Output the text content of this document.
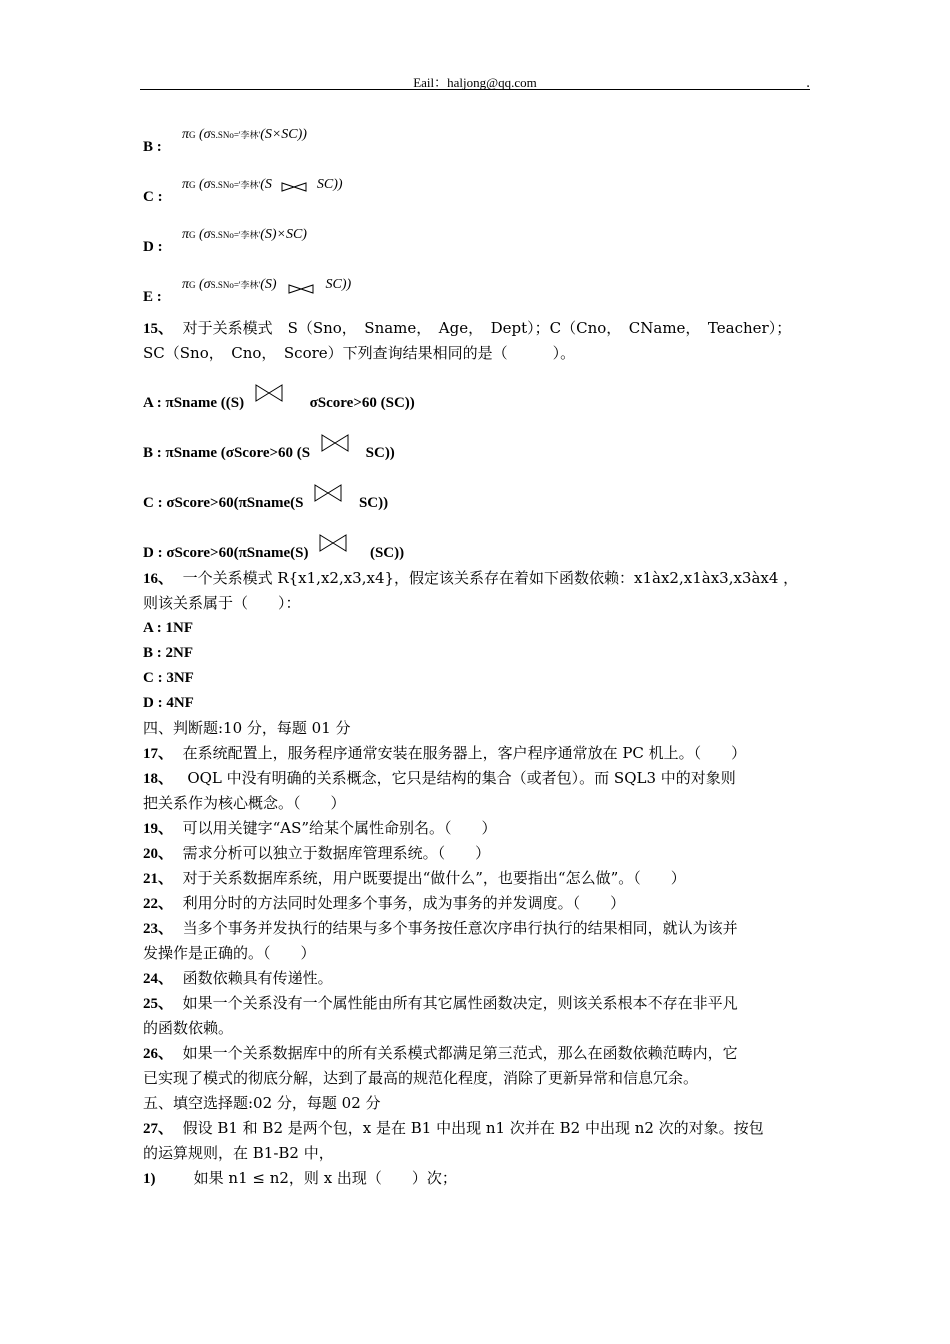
Eail：haljong@qq.com	.
B :
πG (σS.SNo='李林'(S×SC))
C :
πG (σS.SNo='李林'(S	SC))
D :
πG (σS.SNo='李林'(S)×SC)
E :
πG (σS.SNo='李林'(S)	SC))
15、 对于关系模式　S（Sno，　Sname，　Age，　Dept）；C（Cno，　CName，　Teacher）；
SC（Sno，　Cno，　Score）下列查询结果相同的是（　　　）。
A : πSname ((S)	σScore>60 (SC))
B : πSname (σScore>60 (S	SC))
C : σScore>60(πSname(S	SC))
D : σScore>60(πSname(S)	(SC))
16、 一个关系模式 R{x1,x2,x3,x4}，假定该关系存在着如下函数依赖：x1àx2,x1àx3,x3àx4 ，
则该关系属于（　　）：
A : 1NF
B : 2NF
C : 3NF
D : 4NF
四、判断题:10 分，每题 01 分
17、 在系统配置上，服务程序通常安装在服务器上，客户程序通常放在 PC 机上。（　　）
18、   OQL 中没有明确的关系概念，它只是结构的集合（或者包）。而 SQL3 中的对象则
把关系作为核心概念。（　　）
19、 可以用关键字“AS”给某个属性命别名。（　　）
20、 需求分析可以独立于数据库管理系统。（　　）
21、 对于关系数据库系统，用户既要提出“做什么”，也要指出“怎么做”。（　　）
22、 利用分时的方法同时处理多个事务，成为事务的并发调度。（　　）
23、 当多个事务并发执行的结果与多个事务按任意次序串行执行的结果相同，就认为该并
发操作是正确的。（　　）
24、 函数依赖具有传递性。
25、 如果一个关系没有一个属性能由所有其它属性函数决定，则该关系根本不存在非平凡
的函数依赖。
26、 如果一个关系数据库中的所有关系模式都满足第三范式，那么在函数依赖范畴内，它
已实现了模式的彻底分解，达到了最高的规范化程度，消除了更新异常和信息冗余。
五、填空选择题:02 分，每题 02 分
27、 假设 B1 和 B2 是两个包，x 是在 B1 中出现 n1 次并在 B2 中出现 n2 次的对象。按包
的运算规则，在 B1-B2 中，
1)	如果 n1 ≤ n2，则 x 出现（　　）次；
